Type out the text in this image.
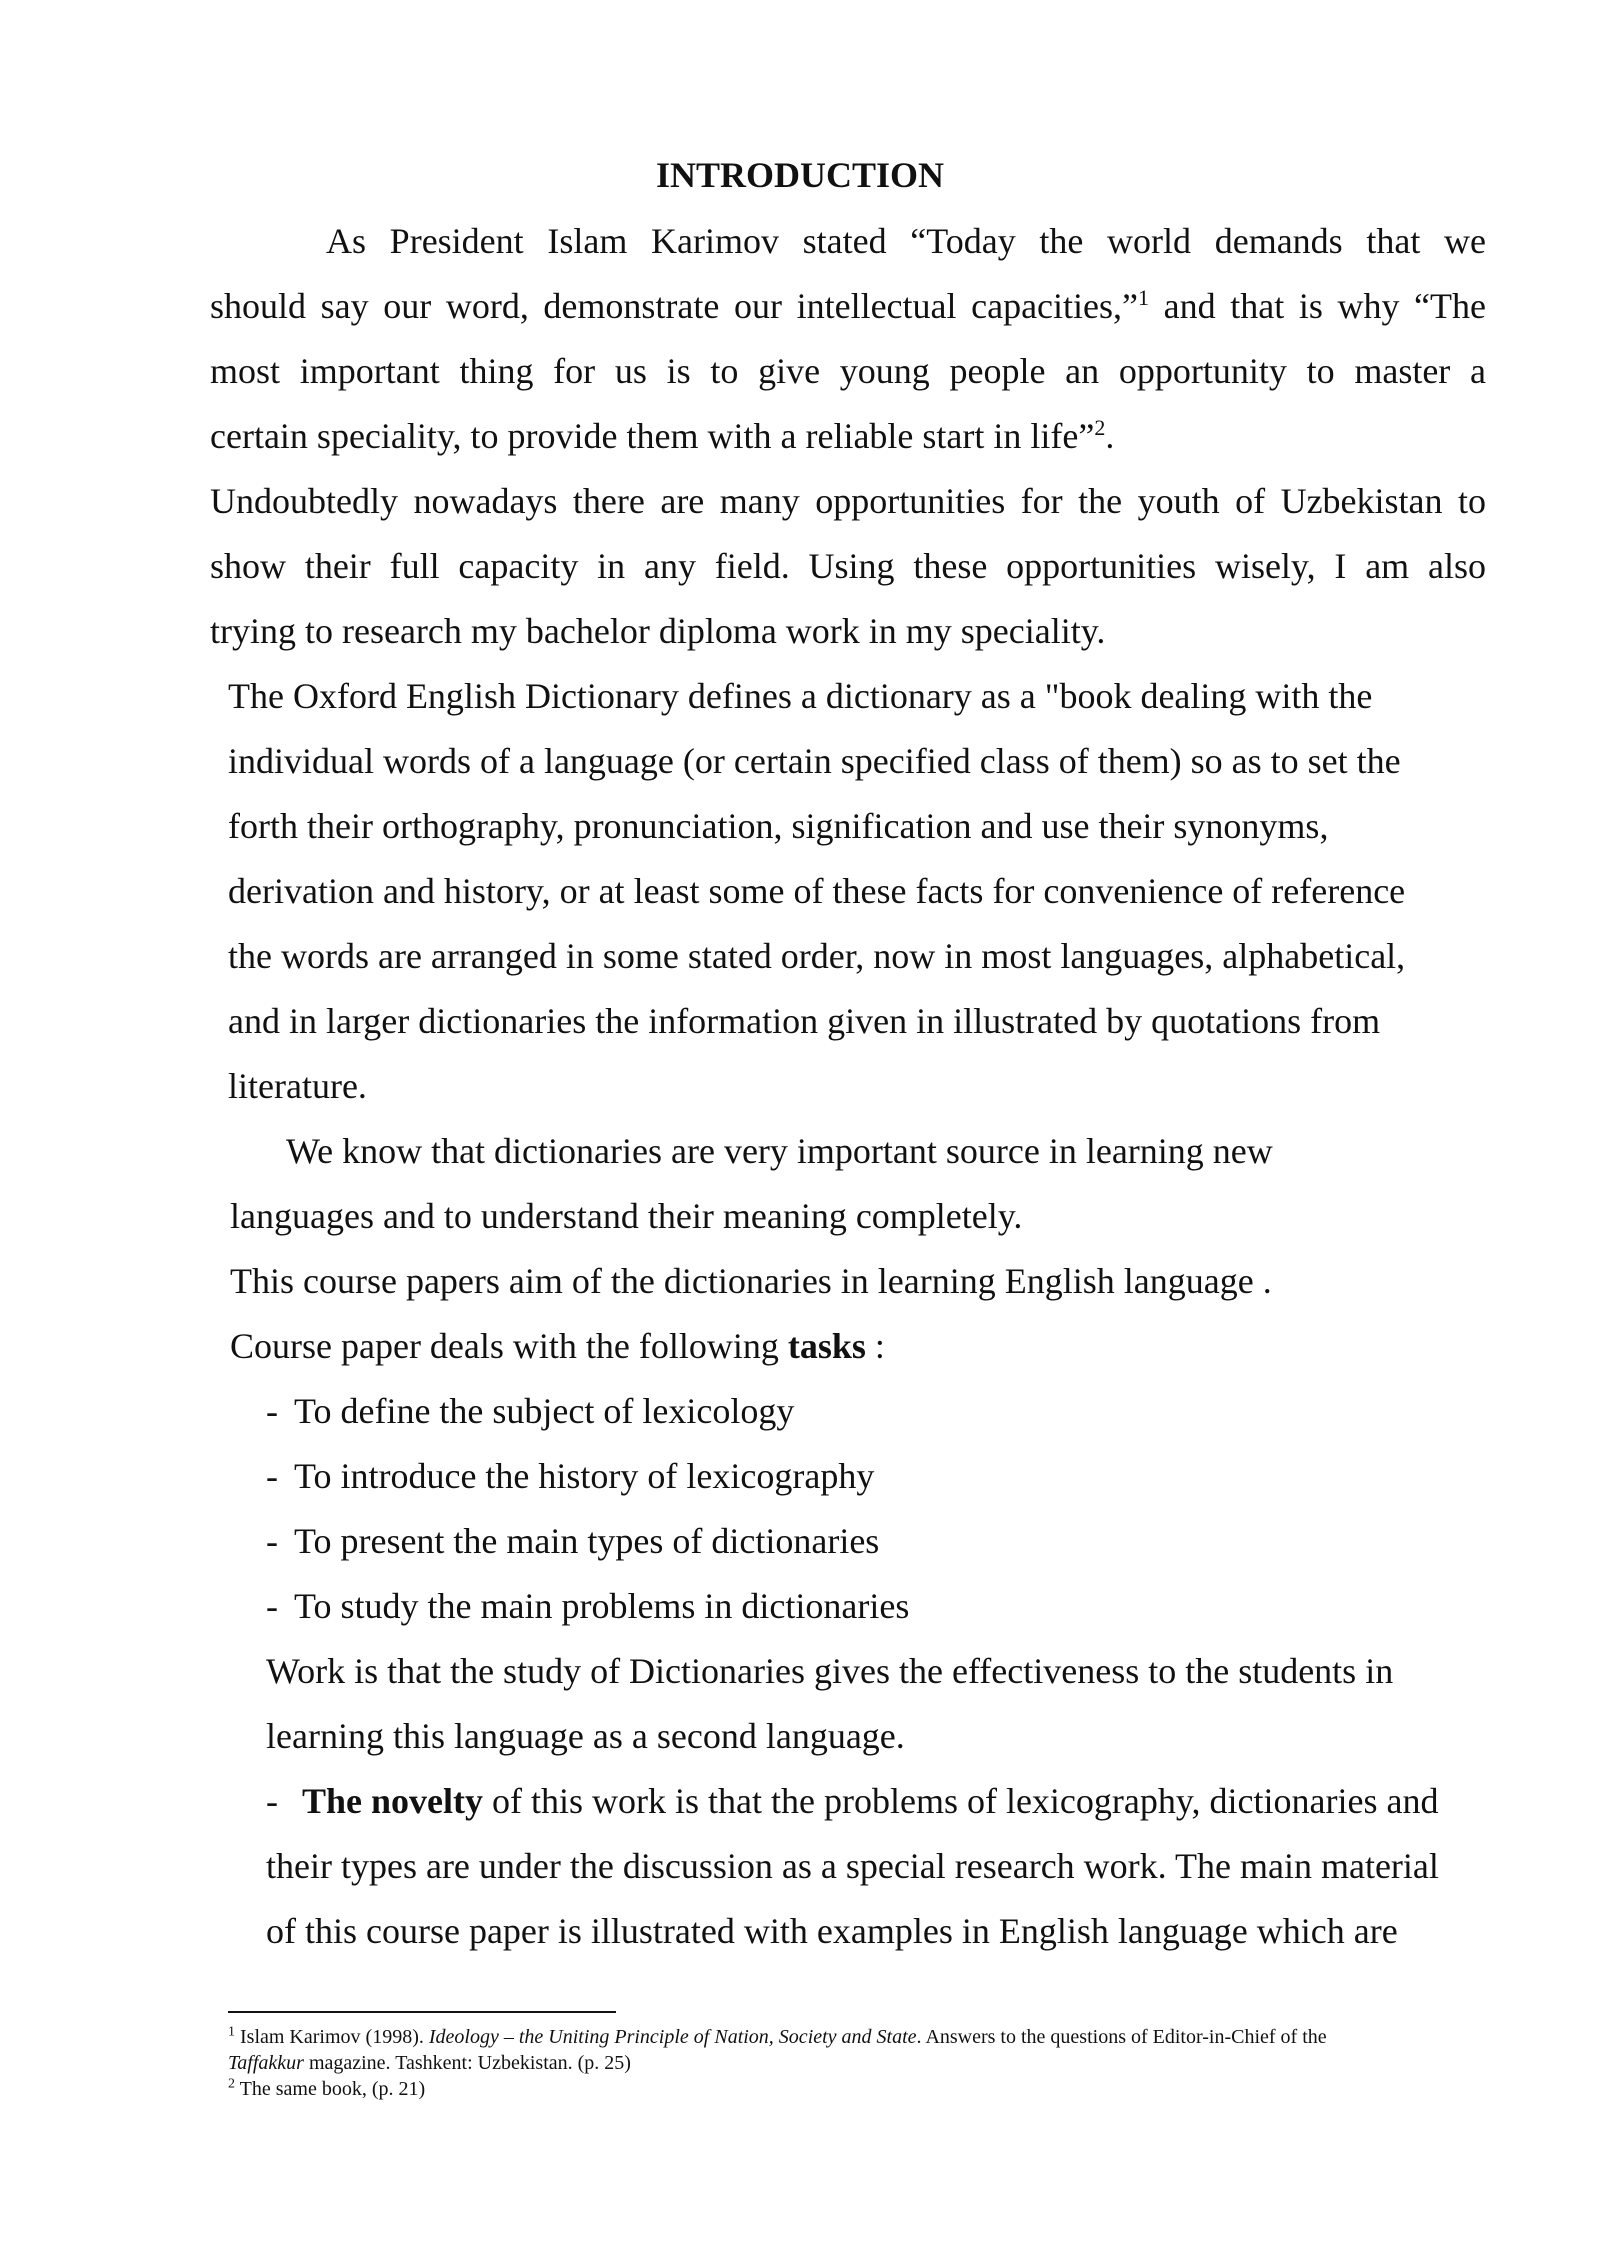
INTRODUCTION
As President Islam Karimov stated “Today the world demands that we
should say our word, demonstrate our intellectual capacities,”$^1$ and that is why “The
most important thing for us is to give young people an opportunity to master a
certain speciality, to provide them with a reliable start in life”$^2$.
Undoubtedly nowadays there are many opportunities for the youth of Uzbekistan to
show their full capacity in any field. Using these opportunities wisely, I am also
trying to research my bachelor diploma work in my speciality.
The Oxford English Dictionary defines a dictionary as a "book dealing with the
individual words of a language (or certain specified class of them) so as to set the
forth their orthography, pronunciation, signification and use their synonyms,
derivation and history, or at least some of these facts for convenience of reference
the words are arranged in some stated order, now in most languages, alphabetical,
and in larger dictionaries the information given in illustrated by quotations from
literature.
We know that dictionaries are very important source in learning new
languages and to understand their meaning completely.
This course papers aim of the dictionaries in learning English language .
Course paper deals with the following tasks :
- To define the subject of lexicology
- To introduce the history of lexicography
- To present the main types of dictionaries
- To study the main problems in dictionaries
Work is that the study of Dictionaries gives the effectiveness to the students in
learning this language as a second language.
- The novelty of this work is that the problems of lexicography, dictionaries and
their types are under the discussion as a special research work. The main material
of this course paper is illustrated with examples in English language which are

$^1$ Islam Karimov (1998). Ideology – the Uniting Principle of Nation, Society and State. Answers to the questions of Editor-in-Chief of the
Taffakkur magazine. Tashkent: Uzbekistan. (p. 25)

$^2$ The same book, (p. 21)
